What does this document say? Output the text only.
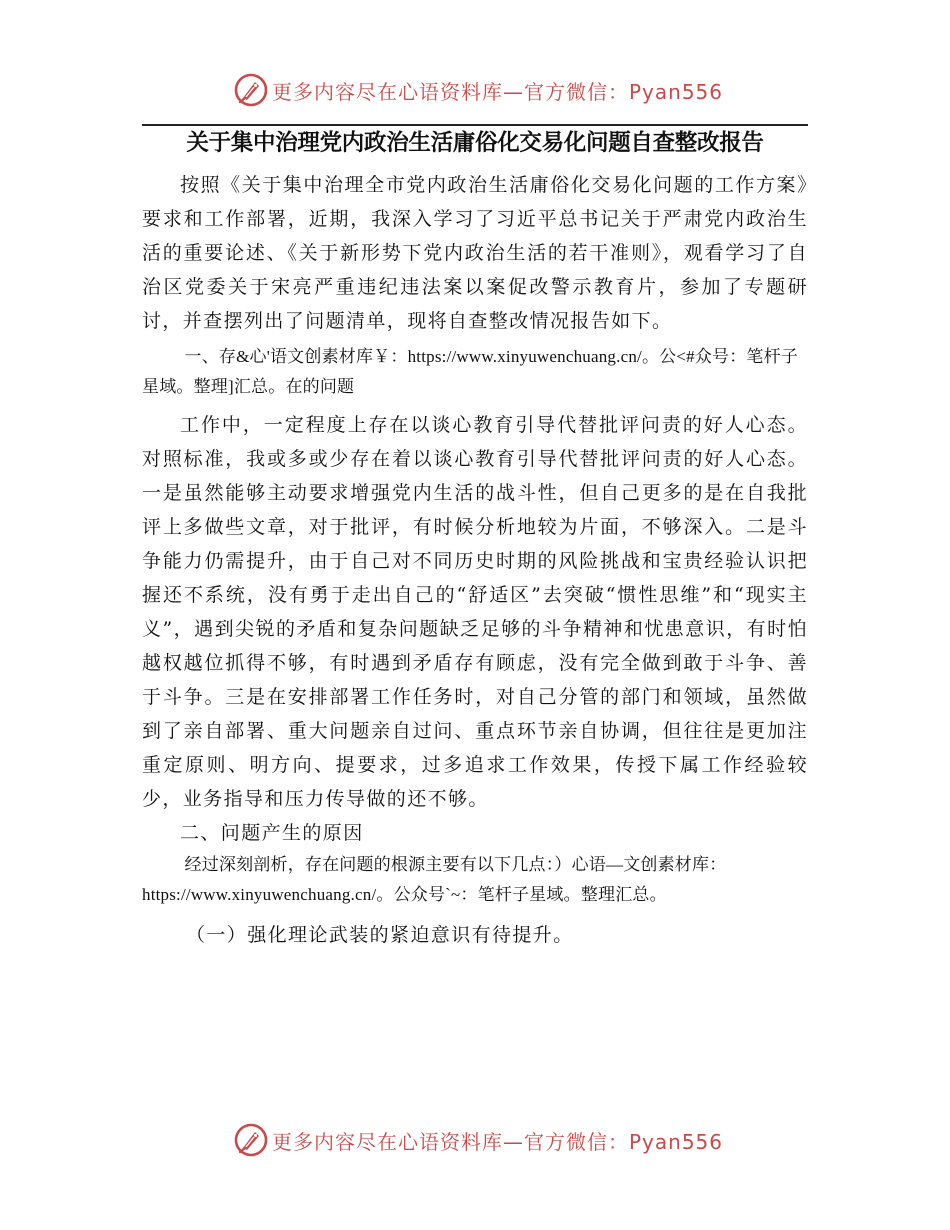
更多内容尽在心语资料库—官方微信：Pyan556
关于集中治理党内政治生活庸俗化交易化问题自查整改报告

按照《关于集中治理全市党内政治生活庸俗化交易化问题的工作方案》要求和工作部署，近期，我深入学习了习近平总书记关于严肃党内政治生活的重要论述、《关于新形势下党内政治生活的若干准则》，观看学习了自治区党委关于宋亮严重违纪违法案以案促改警示教育片，参加了专题研讨，并查摆列出了问题清单，现将自查整改情况报告如下。

一、存&心'语文创素材库￥：https://www.xinyuwenchuang.cn/。公<#众号：笔杆子星域。整理]汇总。在的问题

工作中，一定程度上存在以谈心教育引导代替批评问责的好人心态。对照标准，我或多或少存在着以谈心教育引导代替批评问责的好人心态。一是虽然能够主动要求增强党内生活的战斗性，但自己更多的是在自我批评上多做些文章，对于批评，有时候分析地较为片面，不够深入。二是斗争能力仍需提升，由于自己对不同历史时期的风险挑战和宝贵经验认识把握还不系统，没有勇于走出自己的“舒适区”去突破“惯性思维”和“现实主义”，遇到尖锐的矛盾和复杂问题缺乏足够的斗争精神和忧患意识，有时怕越权越位抓得不够，有时遇到矛盾存有顾虑，没有完全做到敢于斗争、善于斗争。三是在安排部署工作任务时，对自己分管的部门和领域，虽然做到了亲自部署、重大问题亲自过问、重点环节亲自协调，但往往是更加注重定原则、明方向、提要求，过多追求工作效果，传授下属工作经验较少，业务指导和压力传导做的还不够。

二、问题产生的原因

经过深刻剖析，存在问题的根源主要有以下几点：）心语—文创素材库：https://www.xinyuwenchuang.cn/。公众号`~：笔杆子星域。整理汇总。

（一）强化理论武装的紧迫意识有待提升。

更多内容尽在心语资料库—官方微信：Pyan556
